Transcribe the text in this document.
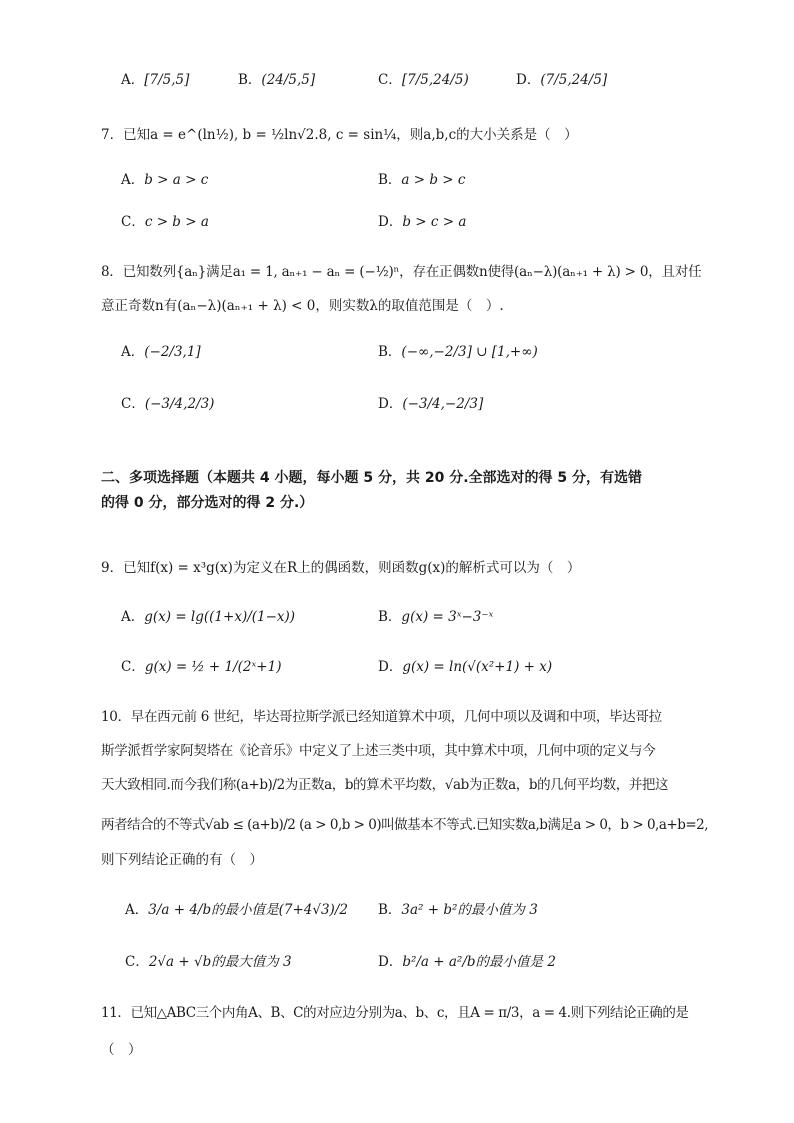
A．[7/5,5]	B．(24/5,5]	C．[7/5,24/5)	D．(7/5,24/5]
7．已知a = e^(ln½), b = ½ln√2.8, c = sin¼，则a,b,c的大小关系是（　）
A．b > a > c	B．a > b > c
C．c > b > a	D．b > c > a
8．已知数列{aₙ}满足a₁ = 1, aₙ₊₁ − aₙ = (−½)ⁿ，存在正偶数n使得(aₙ−λ)(aₙ₊₁ + λ) > 0，且对任
意正奇数n有(aₙ−λ)(aₙ₊₁ + λ) < 0，则实数λ的取值范围是（　）.
A．(−2/3,1]	B．(−∞,−2/3] ∪ [1,+∞)
C．(−3/4,2/3)	D．(−3/4,−2/3]
二、多项选择题（本题共 4 小题，每小题 5 分，共 20 分.全部选对的得 5 分，有选错
的得 0 分，部分选对的得 2 分.）
9．已知f(x) = x³g(x)为定义在R上的偶函数，则函数g(x)的解析式可以为（　）
A．g(x) = lg((1+x)/(1−x))	B．g(x) = 3ˣ−3⁻ˣ
C．g(x) = ½ + 1/(2ˣ+1)	D．g(x) = ln(√(x²+1) + x)
10．早在西元前 6 世纪，毕达哥拉斯学派已经知道算术中项，几何中项以及调和中项，毕达哥拉
斯学派哲学家阿契塔在《论音乐》中定义了上述三类中项，其中算术中项，几何中项的定义与今
天大致相同.而今我们称(a+b)/2为正数a，b的算术平均数，√ab为正数a，b的几何平均数，并把这
两者结合的不等式√ab ≤ (a+b)/2 (a > 0,b > 0)叫做基本不等式.已知实数a,b满足a > 0，b > 0,a+b=2,
则下列结论正确的有（　）
A．3/a + 4/b的最小值是(7+4√3)/2 B．3a² + b²的最小值为 3
C．2√a + √b的最大值为 3	D．b²/a + a²/b的最小值是 2
11．已知△ABC三个内角A、B、C的对应边分别为a、b、c，且A = π/3，a = 4.则下列结论正确的是
（　）
